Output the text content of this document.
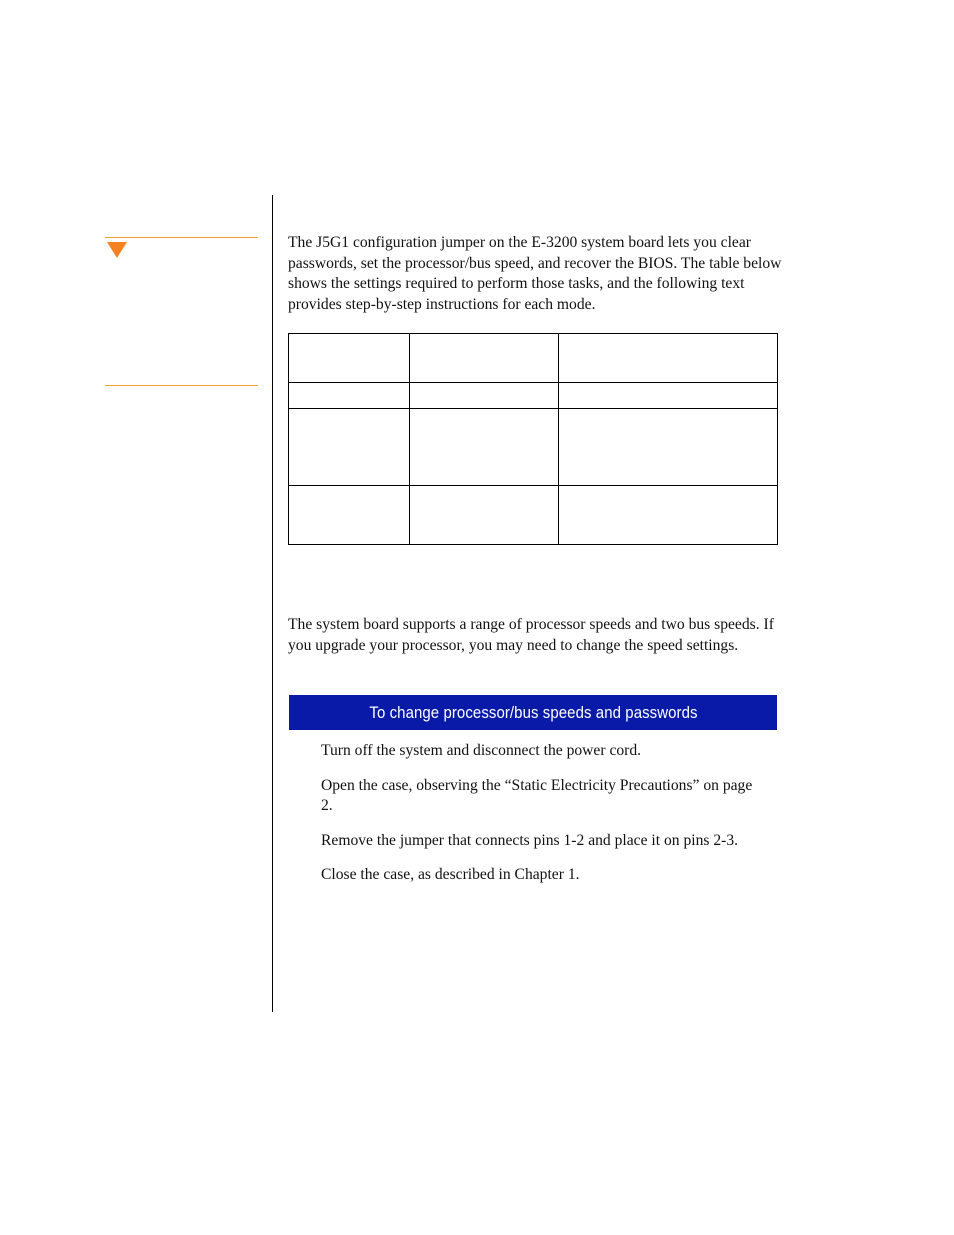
The J5G1 configuration jumper on the E-3200 system board lets you clear passwords, set the processor/bus speed, and recover the BIOS. The table below shows the settings required to perform those tasks, and the following text provides step-by-step instructions for each mode.

The system board supports a range of processor speeds and two bus speeds. If you upgrade your processor, you may need to change the speed settings.

To change processor/bus speeds and passwords
Turn off the system and disconnect the power cord.
Open the case, observing the “Static Electricity Precautions” on page 2.
Remove the jumper that connects pins 1-2 and place it on pins 2-3.
Close the case, as described in Chapter 1.
